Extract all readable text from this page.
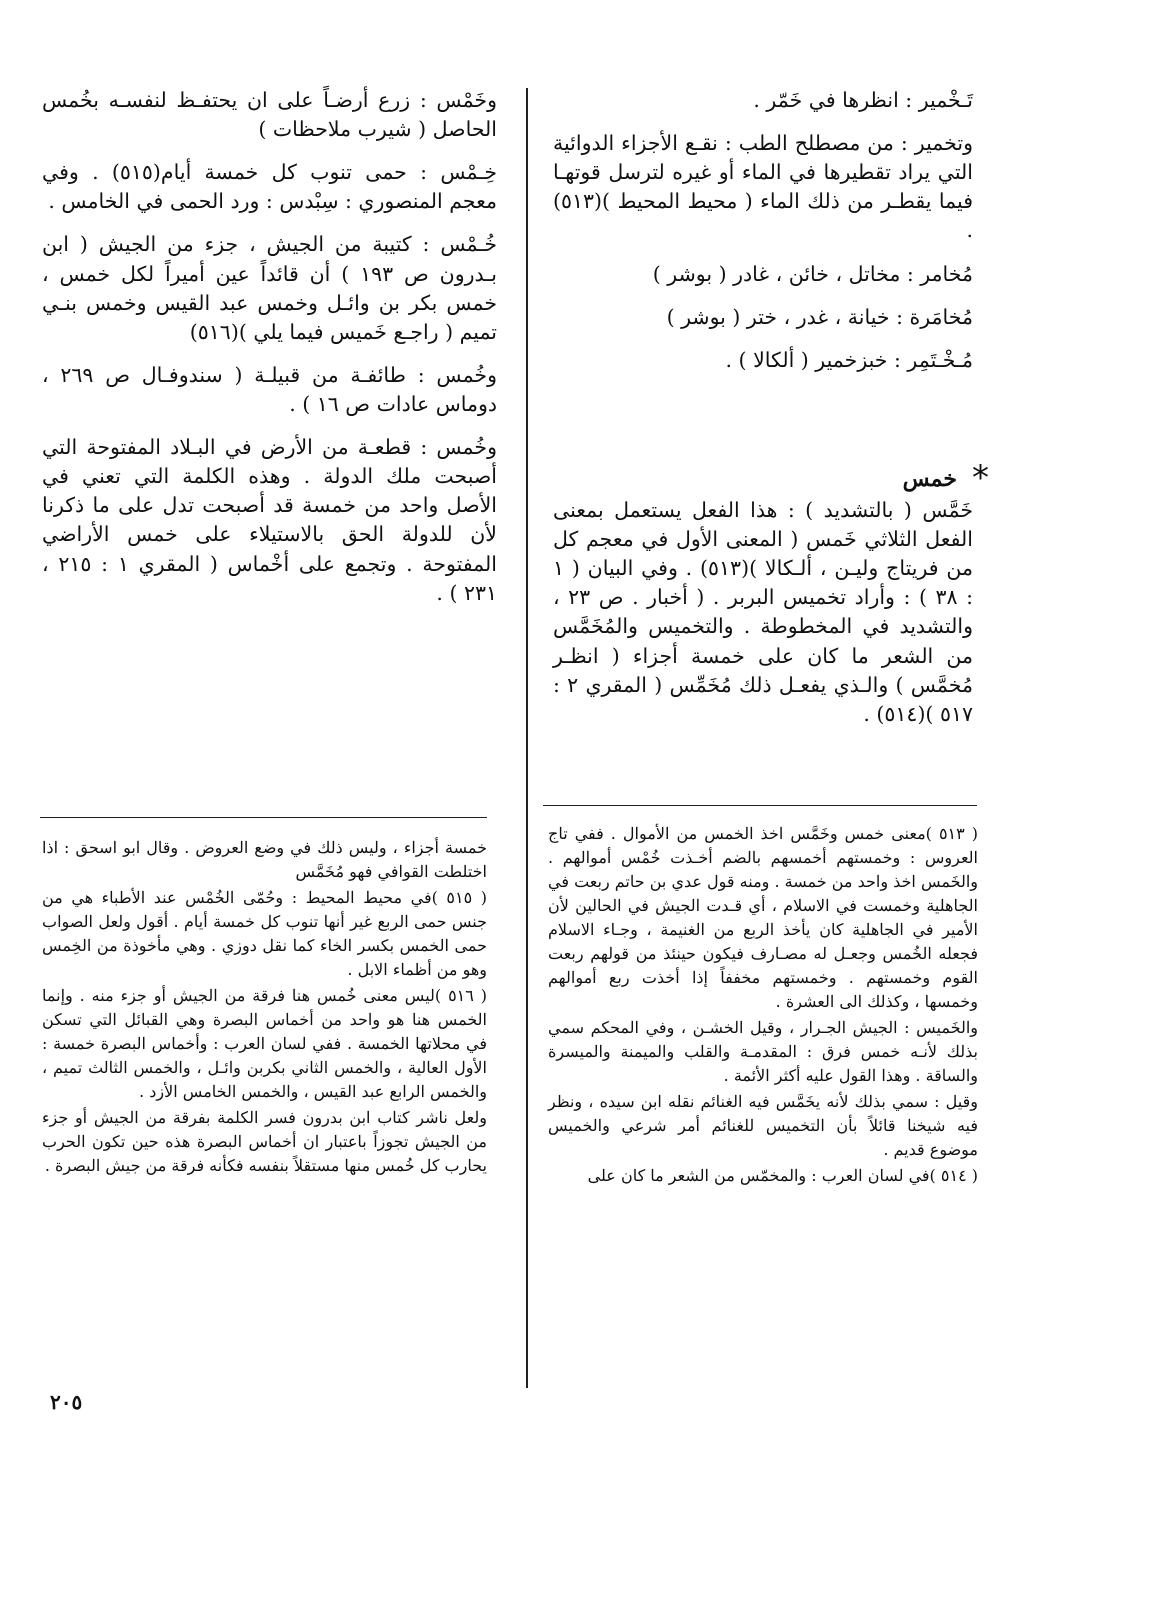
تَـخْمير : انظرها في خَمّر .

وتخمير : من مصطلح الطب : نقـع الأجزاء الدوائية التي يراد تقطيرها في الماء أو غيره لترسل قوتهـا فيما يقطـر من ذلك الماء ( محيط المحيط )(٥١٣) .

مُخامر : مخاتل ، خائن ، غادر ( بوشر )

مُخامَرة : خيانة ، غدر ، ختر ( بوشر )

مُـخْـتَمِر : خبزخمير ( ألكالا ) .

*
خمس

خَمَّس ( بالتشديد ) : هذا الفعل يستعمل بمعنى الفعل الثلاثي خَمس ( المعنى الأول في معجم كل من فريتاج وليـن ، ألـكالا )(٥١٣) . وفي البيان ( ١ : ٣٨ ) : وأراد تخميس البربر . ( أخبار . ص ٢٣ ، والتشديد في المخطوطة . والتخميس والمُخَمَّس من الشعر ما كان على خمسة أجزاء ( انظـر مُخمَّس ) والـذي يفعـل ذلك مُخَمِّس ( المقري ٢ : ٥١٧ )(٥١٤) .

وخَمْس : زرع أرضـاً على ان يحتفـظ لنفسـه بخُمس الحاصل ( شيرب ملاحظات )

خِـمْس : حمى تنوب كل خمسة أيام(٥١٥) . وفي معجم المنصوري : سِبْدس : ورد الحمى في الخامس .

خُـمْس : كتيبة من الجيش ، جزء من الجيش ( ابن بـدرون ص ١٩٣ ) أن قائداً عين أميراً لكل خمس ، خمس بكر بن وائـل وخمس عبد القيس وخمس بنـي تميم ( راجـع خَميس فيما يلي )(٥١٦)

وخُمس : طائفـة من قبيلـة ( سندوفـال ص ٢٦٩ ، دوماس عادات ص ١٦ ) .

وخُمس : قطعـة من الأرض في البـلاد المفتوحة التي أصبحت ملك الدولة . وهذه الكلمة التي تعني في الأصل واحد من خمسة قد أصبحت تدل على ما ذكرنا لأن للدولة الحق بالاستيلاء على خمس الأراضي المفتوحة . وتجمع على أخْماس ( المقري ١ : ٢١٥ ، ٢٣١ ) .

( ٥١٣ )معنى خمس وخَمَّس اخذ الخمس من الأموال . ففي تاج العروس : وخمستهم أخمسهم بالضم أخـذت خُمْس أموالهم . والخَمس اخذ واحد من خمسة . ومنه قول عدي بن حاتم ربعت في الجاهلية وخمست في الاسلام ، أي قـدت الجيش في الحالين لأن الأمير في الجاهلية كان يأخذ الربع من الغنيمة ، وجـاء الاسلام فجعله الخُمس وجعـل له مصـارف فيكون حينئذ من قولهم ربعت القوم وخمستهم . وخمستهم مخففاً إذا أخذت ربع أموالهم وخمسها ، وكذلك الى العشرة .

والخَميس : الجيش الجـرار ، وقيل الخشـن ، وفي المحكم سمي بذلك لأنـه خمس فرق : المقدمـة والقلب والميمنة والميسرة والساقة . وهذا القول عليه أكثر الأئمة .

وقيل : سمي بذلك لأنه يخَمَّس فيه الغنائم نقله ابن سيده ، ونظر فيه شيخنا قائلاً بأن التخميس للغنائم أمر شرعي والخميس موضوع قديم .

( ٥١٤ )في لسان العرب : والمخمّس من الشعر ما كان على

خمسة أجزاء ، وليس ذلك في وضع العروض . وقال ابو اسحق : اذا اختلطت القوافي فهو مُخَمَّس

( ٥١٥ )في محيط المحيط : وحُمّى الخُمْس عند الأطباء هي من جنس حمى الربع غير أنها تنوب كل خمسة أيام . أقول ولعل الصواب حمى الخمس بكسر الخاء كما نقل دوزي . وهي مأخوذة من الخِمس وهو من أظماء الابل .

( ٥١٦ )ليس معنى خُمس هنا فرقة من الجيش أو جزء منه . وإنما الخمس هنا هو واحد من أخماس البصرة وهي القبائل التي تسكن في محلاتها الخمسة . ففي لسان العرب : وأخماس البصرة خمسة : الأول العالية ، والخمس الثاني بكربن وائـل ، والخمس الثالث تميم ، والخمس الرابع عبد القيس ، والخمس الخامس الأزد .

ولعل ناشر كتاب ابن بدرون فسر الكلمة بفرقة من الجيش أو جزء من الجيش تجوزاً باعتبار ان أخماس البصرة هذه حين تكون الحرب يحارب كل خُمس منها مستقلاً بنفسه فكأنه فرقة من جيش البصرة .

٢٠٥
